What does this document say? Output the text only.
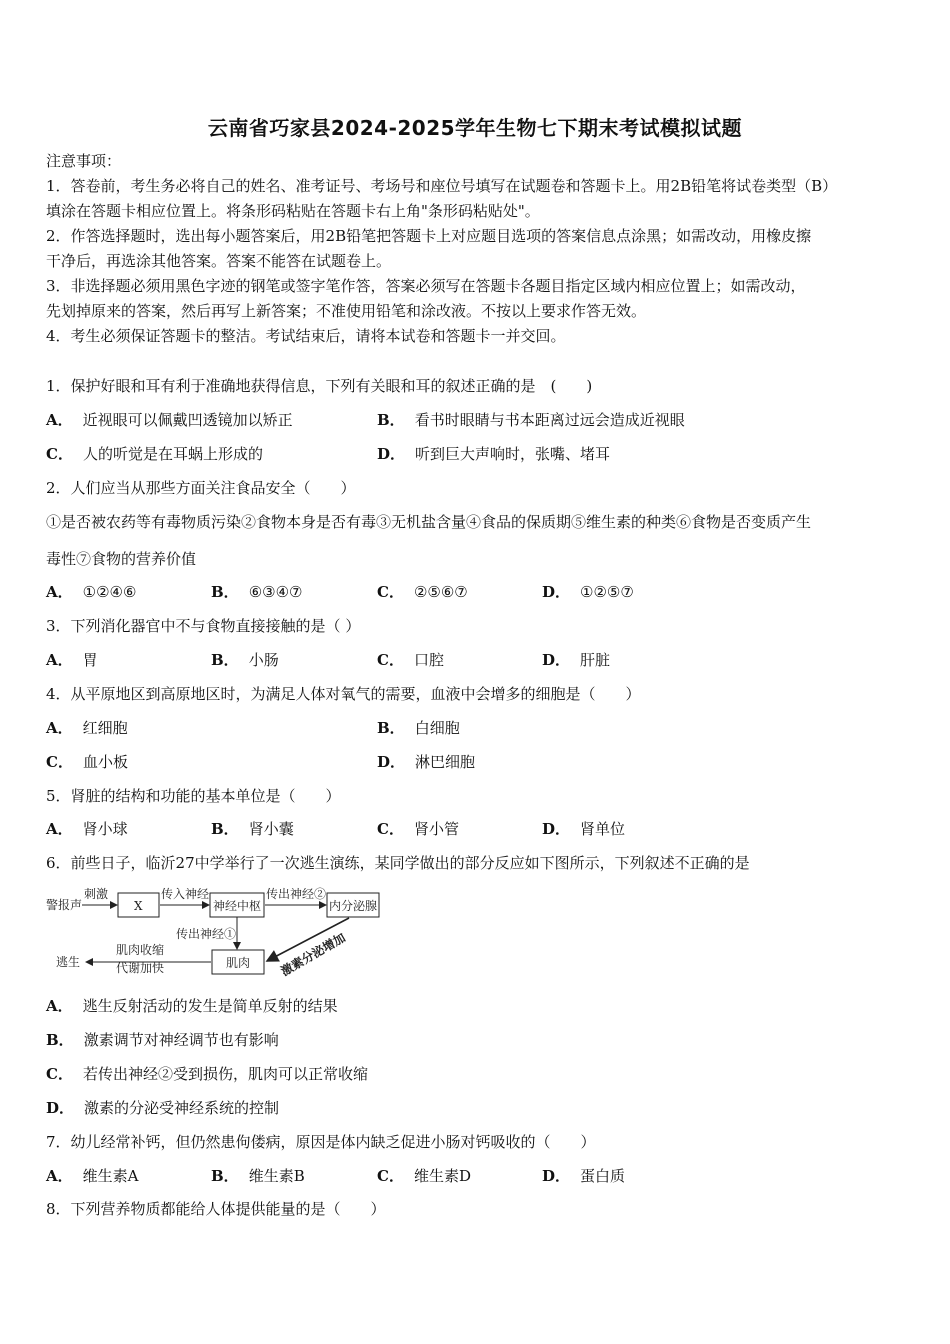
云南省巧家县2024-2025学年生物七下期末考试模拟试题
注意事项：
1．答卷前，考生务必将自己的姓名、准考证号、考场号和座位号填写在试题卷和答题卡上。用2B铅笔将试卷类型（B）
填涂在答题卡相应位置上。将条形码粘贴在答题卡右上角"条形码粘贴处"。
2．作答选择题时，选出每小题答案后，用2B铅笔把答题卡上对应题目选项的答案信息点涂黑；如需改动，用橡皮擦
干净后，再选涂其他答案。答案不能答在试题卷上。
3．非选择题必须用黑色字迹的钢笔或签字笔作答，答案必须写在答题卡各题目指定区域内相应位置上；如需改动，
先划掉原来的答案，然后再写上新答案；不准使用铅笔和涂改液。不按以上要求作答无效。
4．考生必须保证答题卡的整洁。考试结束后，请将本试卷和答题卡一并交回。
1．保护好眼和耳有利于准确地获得信息，下列有关眼和耳的叙述正确的是　(　　)
A． 近视眼可以佩戴凹透镜加以矫正	B． 看书时眼睛与书本距离过远会造成近视眼
C． 人的听觉是在耳蜗上形成的	D． 听到巨大声响时，张嘴、堵耳
2．人们应当从那些方面关注食品安全（　　）
①是否被农药等有毒物质污染②食物本身是否有毒③无机盐含量④食品的保质期⑤维生素的种类⑥食物是否变质产生
毒性⑦食物的营养价值
A． ①②④⑥	B． ⑥③④⑦	C． ②⑤⑥⑦	D． ①②⑤⑦
3．下列消化器官中不与食物直接接触的是（ ）
A． 胃	B． 小肠	C． 口腔	D． 肝脏
4．从平原地区到高原地区时，为满足人体对氧气的需要，血液中会增多的细胞是（　　）
A． 红细胞	B． 白细胞
C． 血小板	D． 淋巴细胞
5．肾脏的结构和功能的基本单位是（　　）
A． 肾小球	B． 肾小囊	C． 肾小管	D． 肾单位
6．前些日子，临沂27中学举行了一次逃生演练，某同学做出的部分反应如下图所示，下列叙述不正确的是
警报声
刺激
X
传入神经
神经中枢
传出神经②
内分泌腺
传出神经①
肌肉
肌肉收缩
代谢加快
逃生	激素分泌增加
A． 逃生反射活动的发生是简单反射的结果
B． 激素调节对神经调节也有影响
C． 若传出神经②受到损伤，肌肉可以正常收缩
D． 激素的分泌受神经系统的控制
7．幼儿经常补钙，但仍然患佝偻病，原因是体内缺乏促进小肠对钙吸收的（　　）
A． 维生素A	B． 维生素B	C． 维生素D	D． 蛋白质
8．下列营养物质都能给人体提供能量的是（　　）
